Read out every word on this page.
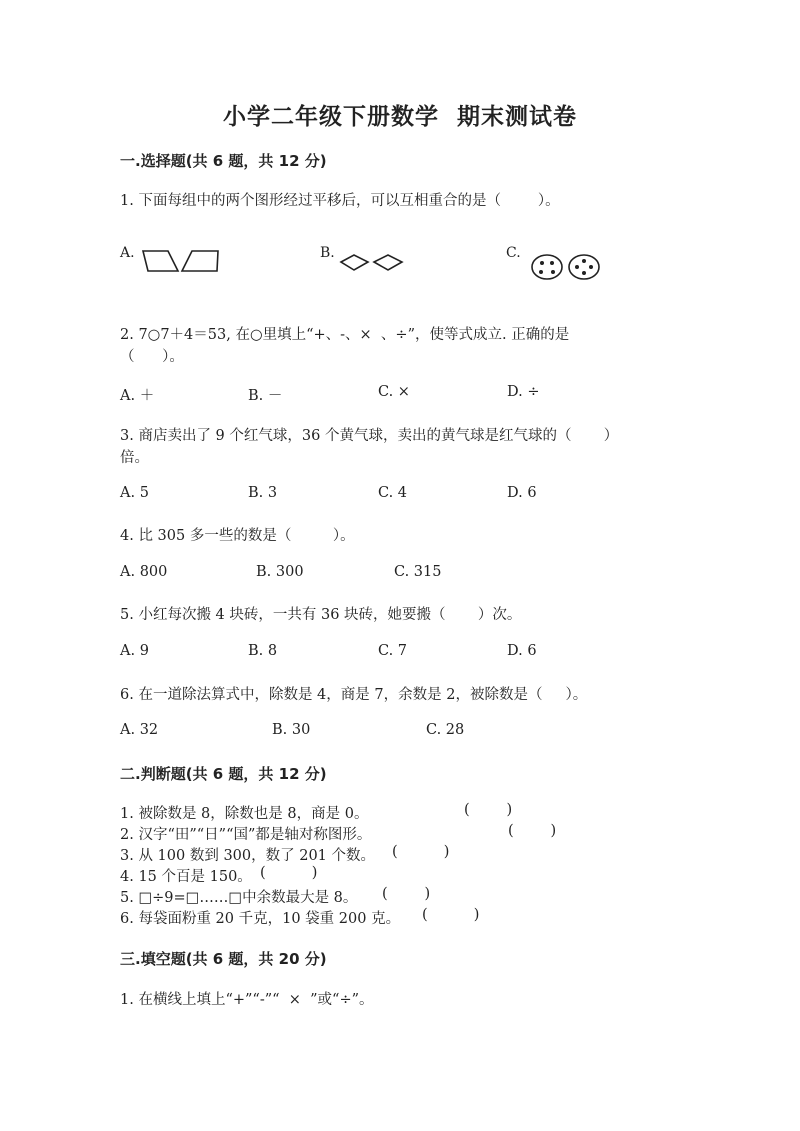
小学二年级下册数学  期末测试卷
一.选择题(共 6 题，共 12 分)
1. 下面每组中的两个图形经过平移后，可以互相重合的是（        ）。
A.	B.	C.
2. 7○7＋4＝53, 在○里填上“+、-、×  、÷”，使等式成立. 正确的是
（      ）。
A. ＋	B. －	C. ×	D. ÷
3. 商店卖出了 9 个红气球，36 个黄气球，卖出的黄气球是红气球的（       ）
倍。
A. 5	B. 3	C. 4	D. 6
4. 比 305 多一些的数是（         ）。
A. 800	B. 300	C. 315
5. 小红每次搬 4 块砖，一共有 36 块砖，她要搬（       ）次。
A. 9	B. 8	C. 7	D. 6
6. 在一道除法算式中，除数是 4，商是 7，余数是 2，被除数是（     ）。
A. 32	B. 30	C. 28
二.判断题(共 6 题，共 12 分)
1. 被除数是 8，除数也是 8，商是 0。	(        )
2. 汉字“田”“日”“国”都是轴对称图形。	(        )
3. 从 100 数到 300，数了 201 个数。 (          )
4. 15 个百是 150。 (          )
5. □÷9=□……□中余数最大是 8。 (        )
6. 每袋面粉重 20 千克，10 袋重 200 克。 (          )
三.填空题(共 6 题，共 20 分)
1. 在横线上填上“+”“-”“  ×  ”或“÷”。
